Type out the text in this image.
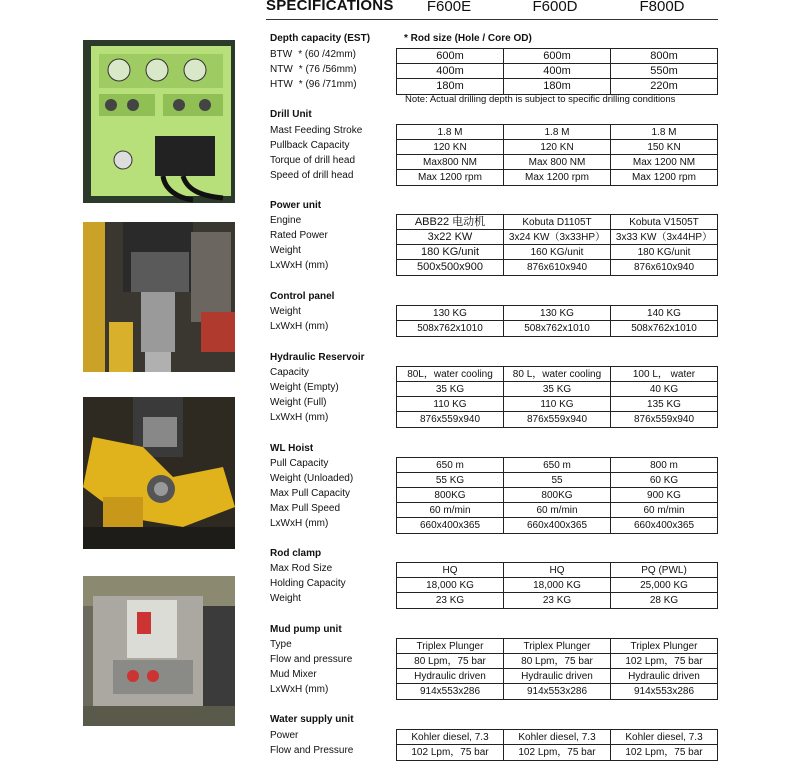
SPECIFICATIONS	F600E	F600D	F800D
Depth capacity (EST)
BTW * (60 /42mm)	600m	600m	800m
NTW * (76 /56mm)	400m	400m	550m
HTW * (96 /71mm)	180m	180m	220m
Drill Unit
Mast Feeding Stroke	1.8 M	1.8 M	1.8 M
Pullback Capacity	120 KN	120 KN	150 KN
Torque of drill head	Max800 NM	Max 800 NM	Max 1200 NM
Speed of drill head	Max 1200 rpm	Max 1200 rpm	Max 1200 rpm
Power unit
Engine	ABB22 电动机	Kobuta D1105T	Kobuta V1505T
Rated Power	3x22 KW	3x24 KW（3x33HP）	3x33 KW（3x44HP）
Weight	180 KG/unit	160 KG/unit	180 KG/unit
LxWxH (mm)	500x500x900	876x610x940	876x610x940
Control panel
Weight	130 KG	130 KG	140 KG
LxWxH (mm)	508x762x1010	508x762x1010	508x762x1010
Hydraulic Reservoir
Capacity	80L，water cooling	80 L，water cooling	100 L， water
Weight (Empty)	35 KG	35 KG	40 KG
Weight (Full)	110 KG	110 KG	135 KG
LxWxH (mm)	876x559x940	876x559x940	876x559x940
WL Hoist
Pull Capacity	650 m	650 m	800 m
Weight (Unloaded)	55 KG	55	60 KG
Max Pull Capacity	800KG	800KG	900 KG
Max Pull Speed	60 m/min	60 m/min	60 m/min
LxWxH (mm)	660x400x365	660x400x365	660x400x365
Rod clamp
Max Rod Size	HQ	HQ	PQ (PWL)
Holding Capacity	18,000 KG	18,000 KG	25,000 KG
Weight	23 KG	23 KG	28 KG
Mud pump unit
Type	Triplex Plunger	Triplex Plunger	Triplex Plunger
Flow and pressure	80 Lpm，75 bar	80 Lpm，75 bar	102 Lpm，75 bar
Mud Mixer	Hydraulic driven	Hydraulic driven	Hydraulic driven
LxWxH (mm)	914x553x286	914x553x286	914x553x286
Water supply unit
Power	Kohler diesel, 7.3	Kohler diesel, 7.3	Kohler diesel, 7.3
Flow and Pressure	102 Lpm，75 bar	102 Lpm，75 bar	102 Lpm，75 bar
* Rod size (Hole / Core OD)
Note: Actual drilling depth is subject to specific drilling conditions
